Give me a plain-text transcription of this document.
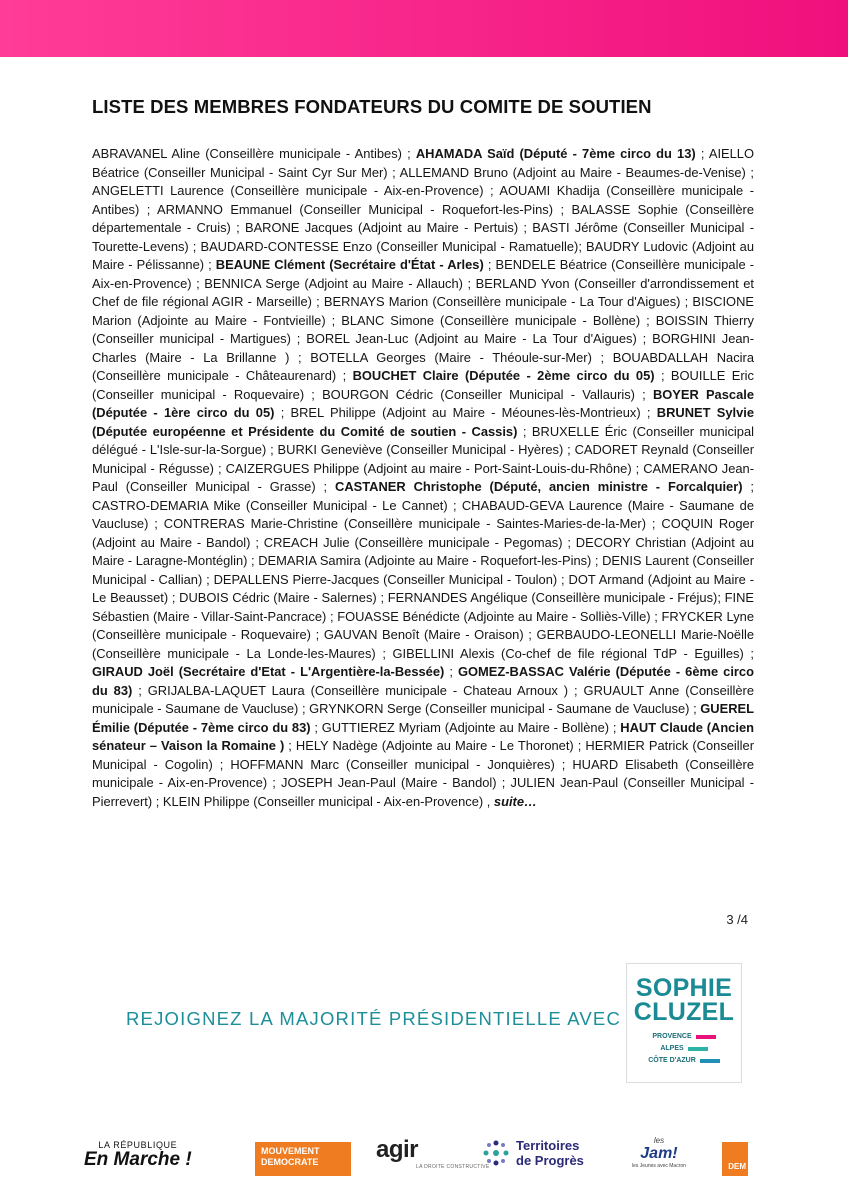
LISTE DES MEMBRES FONDATEURS DU COMITE DE SOUTIEN
ABRAVANEL Aline (Conseillère municipale - Antibes) ; AHAMADA Saïd (Député - 7ème circo du 13) ; AIELLO Béatrice (Conseiller Municipal - Saint Cyr Sur Mer) ; ALLEMAND Bruno (Adjoint au Maire - Beaumes-de-Venise) ; ANGELETTI Laurence (Conseillère municipale - Aix-en-Provence) ; AOUAMI Khadija (Conseillère municipale - Antibes) ; ARMANNO Emmanuel (Conseiller Municipal - Roquefort-les-Pins) ; BALASSE Sophie (Conseillère départementale - Cruis) ; BARONE Jacques (Adjoint au Maire - Pertuis) ; BASTI Jérôme (Conseiller Municipal - Tourette-Levens) ; BAUDARD-CONTESSE Enzo (Conseiller Municipal - Ramatuelle); BAUDRY Ludovic (Adjoint au Maire - Pélissanne) ; BEAUNE Clément (Secrétaire d'État - Arles) ; BENDELE Béatrice (Conseillère municipale - Aix-en-Provence) ; BENNICA Serge (Adjoint au Maire - Allauch) ; BERLAND Yvon (Conseiller d'arrondissement et Chef de file régional AGIR - Marseille) ; BERNAYS Marion (Conseillère municipale - La Tour d'Aigues) ; BISCIONE Marion (Adjointe au Maire - Fontvieille) ; BLANC Simone (Conseillère municipale - Bollène) ; BOISSIN Thierry (Conseiller municipal - Martigues) ; BOREL Jean-Luc (Adjoint au Maire - La Tour d'Aigues) ; BORGHINI Jean-Charles (Maire - La Brillanne ) ; BOTELLA Georges (Maire - Théoule-sur-Mer) ; BOUABDALLAH Nacira (Conseillère municipale - Châteaurenard) ; BOUCHET Claire (Députée - 2ème circo du 05) ; BOUILLE Eric (Conseiller municipal - Roquevaire) ; BOURGON Cédric (Conseiller Municipal - Vallauris) ; BOYER Pascale (Députée - 1ère circo du 05) ; BREL Philippe (Adjoint au Maire - Méounes-lès-Montrieux) ; BRUNET Sylvie (Députée européenne et Présidente du Comité de soutien - Cassis) ; BRUXELLE Éric (Conseiller municipal délégué - L'Isle-sur-la-Sorgue) ; BURKI Geneviève (Conseiller Municipal - Hyères) ; CADORET Reynald (Conseiller Municipal - Régusse) ; CAIZERGUES Philippe (Adjoint au maire - Port-Saint-Louis-du-Rhône) ; CAMERANO Jean-Paul (Conseiller Municipal - Grasse) ; CASTANER Christophe (Député, ancien ministre - Forcalquier) ; CASTRO-DEMARIA Mike (Conseiller Municipal - Le Cannet) ; CHABAUD-GEVA Laurence (Maire - Saumane de Vaucluse) ; CONTRERAS Marie-Christine (Conseillère municipale - Saintes-Maries-de-la-Mer) ; COQUIN Roger (Adjoint au Maire - Bandol) ; CREACH Julie (Conseillère municipale - Pegomas) ; DECORY Christian (Adjoint au Maire - Laragne-Montéglin) ; DEMARIA Samira (Adjointe au Maire - Roquefort-les-Pins) ; DENIS Laurent (Conseiller Municipal - Callian) ; DEPALLENS Pierre-Jacques (Conseiller Municipal - Toulon) ; DOT Armand (Adjoint au Maire - Le Beausset) ; DUBOIS Cédric (Maire - Salernes) ; FERNANDES Angélique (Conseillère municipale - Fréjus); FINE Sébastien (Maire - Villar-Saint-Pancrace) ; FOUASSE Bénédicte (Adjointe au Maire - Solliès-Ville) ; FRYCKER Lyne (Conseillère municipale - Roquevaire) ; GAUVAN Benoît (Maire - Oraison) ; GERBAUDO-LEONELLI Marie-Noëlle (Conseillère municipale - La Londe-les-Maures) ; GIBELLINI Alexis (Co-chef de file régional TdP - Eguilles) ; GIRAUD Joël (Secrétaire d'Etat - L'Argentière-la-Bessée) ; GOMEZ-BASSAC Valérie (Députée - 6ème circo du 83) ; GRIJALBA-LAQUET Laura (Conseillère municipale - Chateau Arnoux ) ; GRUAULT Anne (Conseillère municipale - Saumane de Vaucluse) ; GRYNKORN Serge (Conseiller municipal - Saumane de Vaucluse) ; GUEREL Émilie (Députée - 7ème circo du 83) ; GUTTIEREZ Myriam (Adjointe au Maire - Bollène) ; HAUT Claude (Ancien sénateur – Vaison la Romaine ) ; HELY Nadège (Adjointe au Maire - Le Thoronet) ; HERMIER Patrick (Conseiller Municipal - Cogolin) ; HOFFMANN Marc (Conseiller municipal - Jonquières) ; HUARD Elisabeth (Conseillère municipale - Aix-en-Provence) ; JOSEPH Jean-Paul (Maire - Bandol) ; JULIEN Jean-Paul (Conseiller Municipal - Pierrevert) ; KLEIN Philippe (Conseiller municipal - Aix-en-Provence) , suite…
3 /4
REJOIGNEZ LA MAJORITÉ PRÉSIDENTIELLE AVEC
SOPHIE
CLUZEL
PROVENCE
ALPES
CÔTE D'AZUR
LA RÉPUBLIQUE
En Marche !	MOUVEMENT
DEMOCRATE	agir
LA DROITE CONSTRUCTIVE
Territoires
de Progrès
les
Jam!
les Jeunes avec Macron	DEM
